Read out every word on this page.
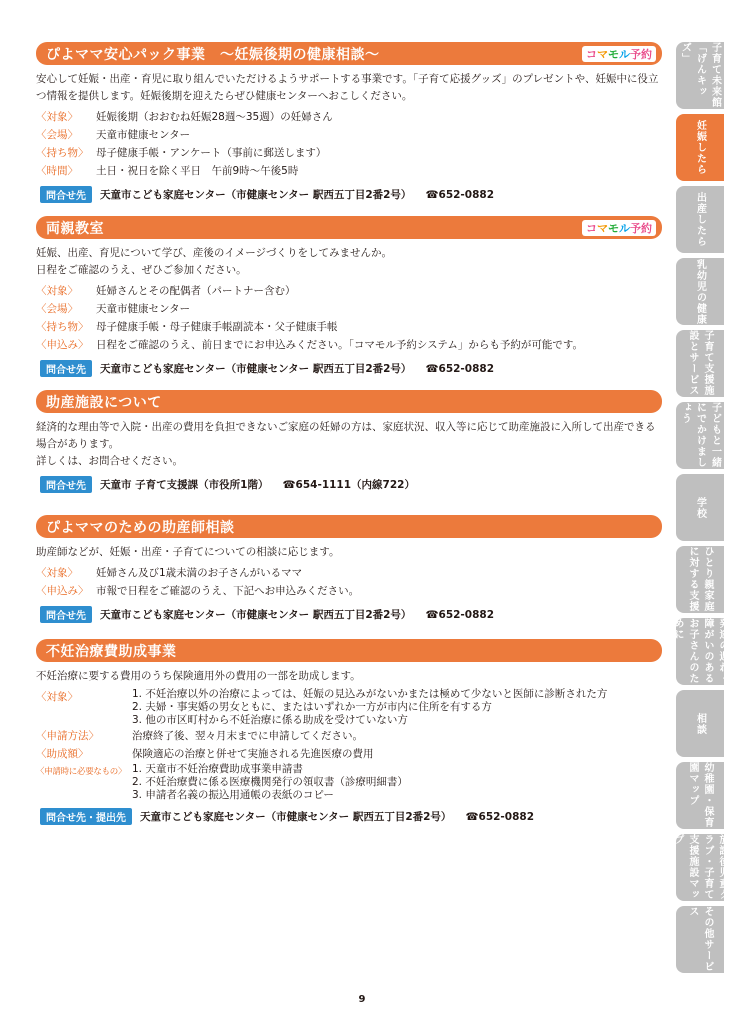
ぴよママ安心パック事業　～妊娠後期の健康相談～	コ マ モ ル 予約
安心して妊娠・出産・育児に取り組んでいただけるようサポートする事業です。「子育て応援グッズ」のプレゼントや、妊娠中に役立つ情報を提供します。妊娠後期を迎えたらぜひ健康センターへおこしください。
〈対象〉	妊娠後期（おおむね妊娠28週～35週）の妊婦さん
〈会場〉	天童市健康センター
〈持ち物〉 母子健康手帳・アンケート（事前に郵送します）
〈時間〉	土日・祝日を除く平日　午前9時～午後5時
問合せ先	天童市こども家庭センター（市健康センター 駅西五丁目2番2号） ☎652-0882
両親教室	コ マ モ ル 予約
妊娠、出産、育児について学び、産後のイメージづくりをしてみませんか。
日程をご確認のうえ、ぜひご参加ください。
〈対象〉	妊婦さんとその配偶者（パートナー含む）
〈会場〉	天童市健康センター
〈持ち物〉 母子健康手帳・母子健康手帳副読本・父子健康手帳
〈申込み〉 日程をご確認のうえ、前日までにお申込みください。「コマモル予約システム」からも予約が可能です。
問合せ先	天童市こども家庭センター（市健康センター 駅西五丁目2番2号） ☎652-0882
助産施設について
経済的な理由等で入院・出産の費用を負担できないご家庭の妊婦の方は、家庭状況、収入等に応じて助産施設に入所して出産できる場合があります。
詳しくは、お問合せください。
問合せ先	天童市 子育て支援課（市役所1階） ☎654-1111（内線722）
ぴよママのための助産師相談
助産師などが、妊娠・出産・子育てについての相談に応じます。
〈対象〉	妊婦さん及び1歳未満のお子さんがいるママ
〈申込み〉 市報で日程をご確認のうえ、下記へお申込みください。
問合せ先	天童市こども家庭センター（市健康センター 駅西五丁目2番2号） ☎652-0882
不妊治療費助成事業
不妊治療に要する費用のうち保険適用外の費用の一部を助成します。
〈対象〉	1. 不妊治療以外の治療によっては、妊娠の見込みがないかまたは極めて少ないと医師に診断された方
2. 夫婦・事実婚の男女ともに、またはいずれか一方が市内に住所を有する方
3. 他の市区町村から不妊治療に係る助成を受けていない方
〈申請方法〉	治療終了後、翌々月末までに申請してください。
〈助成額〉	保険適応の治療と併せて実施される先進医療の費用
〈申請時に必要なもの〉 1. 天童市不妊治療費助成事業申請書
2. 不妊治療費に係る医療機関発行の領収書（診療明細書）
3. 申請者名義の振込用通帳の表紙のコピー
問合せ先・提出先	天童市こども家庭センター（市健康センター 駅西五丁目2番2号） ☎652-0882
子育て未来館「げんキッズ」
妊娠したら
出産したら
乳幼児の健康
子育て支援施設とサービス
子どもと一緒にでかけましょう
学校
ひとり親家庭に対する支援
発達の遅れ・障がいのあるお子さんのために
相談
幼稚園・保育園マップ
放課後児童クラブ・子育て支援施設マップ
その他サービス
9
